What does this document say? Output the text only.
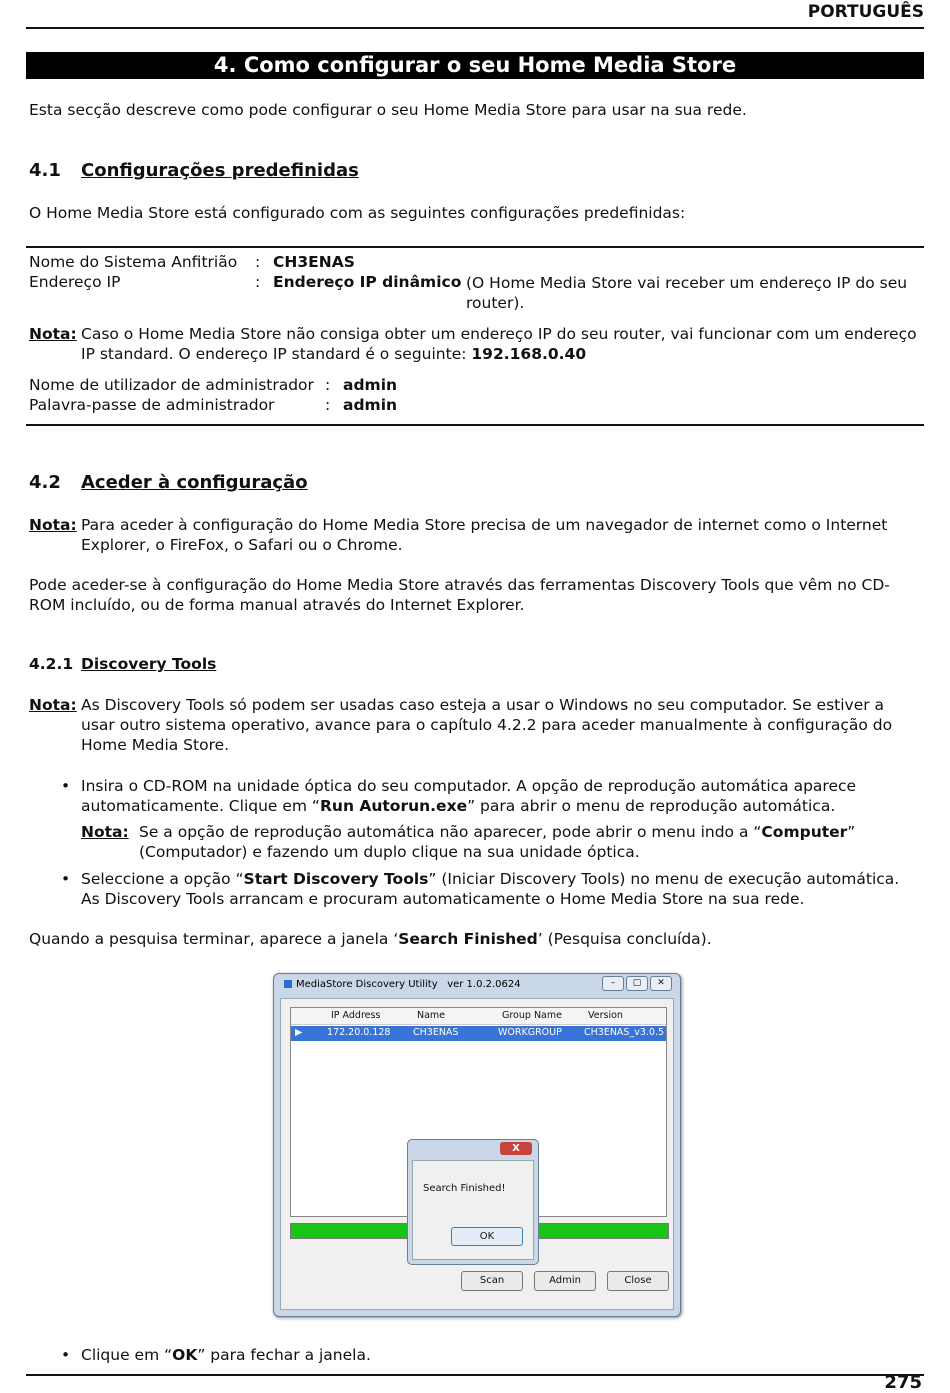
PORTUGUÊS
4. Como configurar o seu Home Media Store
Esta secção descreve como pode configurar o seu Home Media Store para usar na sua rede.
4.1 Configurações predefinidas
O Home Media Store está configurado com as seguintes configurações predefinidas:
Nome do Sistema Anfitrião	: CH3ENAS
Endereço IP	: Endereço IP dinâmico (O Home Media Store vai receber um endereço IP do seu router).
Nota: Caso o Home Media Store não consiga obter um endereço IP do seu router, vai funcionar com um endereço IP standard. O endereço IP standard é o seguinte: 192.168.0.40
Nome de utilizador de administrador : admin
Palavra-passe de administrador	: admin
4.2 Aceder à configuração
Nota: Para aceder à configuração do Home Media Store precisa de um navegador de internet como o Internet Explorer, o FireFox, o Safari ou o Chrome.
Pode aceder-se à configuração do Home Media Store através das ferramentas Discovery Tools que vêm no CD-ROM incluído, ou de forma manual através do Internet Explorer.
4.2.1 Discovery Tools
Nota: As Discovery Tools só podem ser usadas caso esteja a usar o Windows no seu computador. Se estiver a usar outro sistema operativo, avance para o capítulo 4.2.2 para aceder manualmente à configuração do Home Media Store.
• Insira o CD-ROM na unidade óptica do seu computador. A opção de reprodução automática aparece automaticamente. Clique em “Run Autorun.exe” para abrir o menu de reprodução automática.
Nota: Se a opção de reprodução automática não aparecer, pode abrir o menu indo a “Computer” (Computador) e fazendo um duplo clique na sua unidade óptica.
• Seleccione a opção “Start Discovery Tools” (Iniciar Discovery Tools) no menu de execução automática. As Discovery Tools arrancam e procuram automaticamente o Home Media Store na sua rede.
Quando a pesquisa terminar, aparece a janela ‘Search Finished’ (Pesquisa concluída).
MediaStore Discovery Utility ver 1.0.2.0624	– ▢ ✕
IP Address	Name	Group Name	Version
▶	172.20.0.128 CH3ENAS	WORKGROUP CH3ENAS_v3.0.5
Scan	Admin	Close
X
Search Finished!
OK
• Clique em “OK” para fechar a janela.
275
